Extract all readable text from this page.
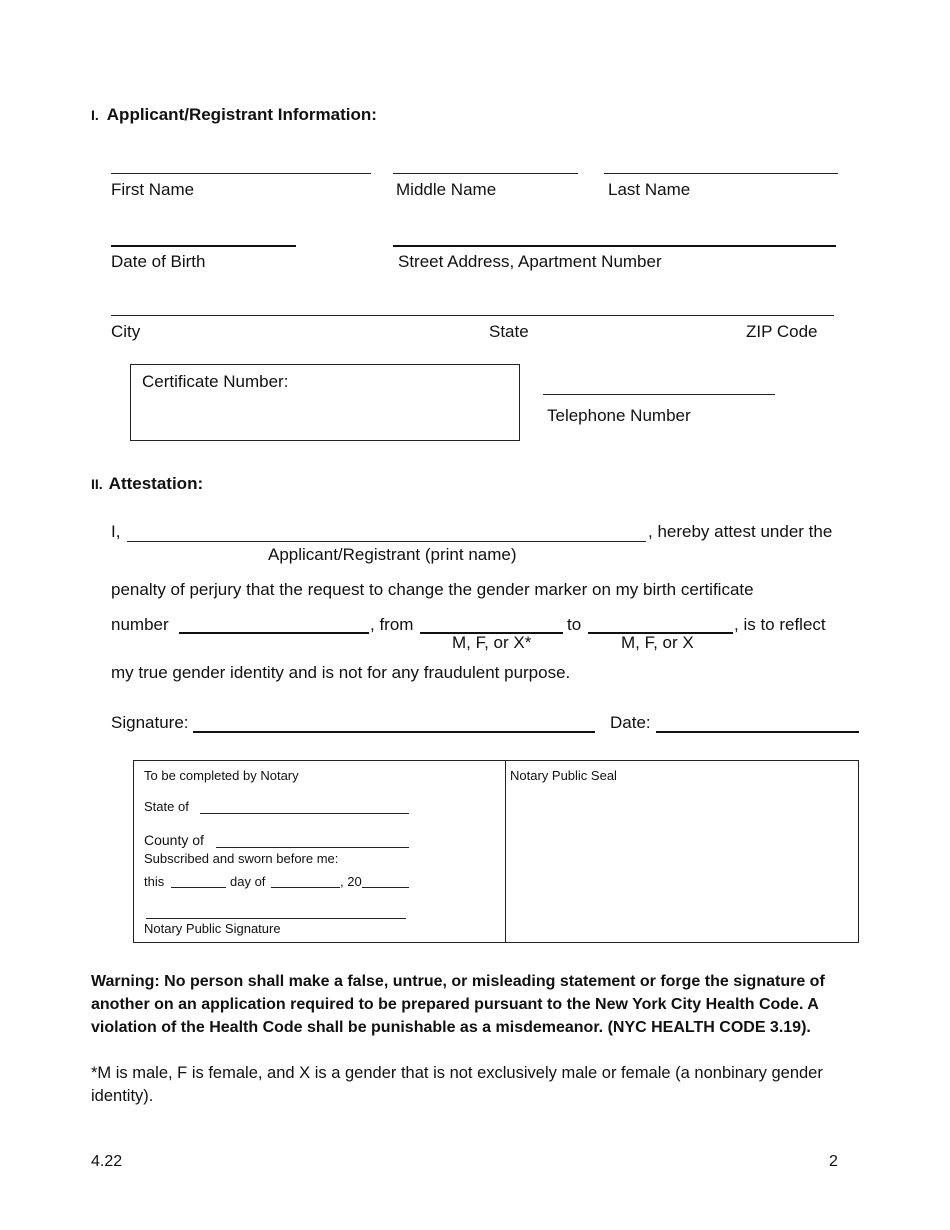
I. Applicant/Registrant Information:
First Name	Middle Name	Last Name
Date of Birth	Street Address, Apartment Number
City	State	ZIP Code
Certificate Number:
Telephone Number
II. Attestation:
I,	, hereby attest under the
Applicant/Registrant (print name)
penalty of perjury that the request to change the gender marker on my birth certificate
number	, from	to	, is to reflect
M, F, or X*	M, F, or X
my true gender identity and is not for any fraudulent purpose.
Signature:	Date:
To be completed by Notary
State of
County of
Subscribed and sworn before me:
this	day of	, 20
Notary Public Signature
Notary Public Seal
Warning: No person shall make a false, untrue, or misleading statement or forge the signature of another on an application required to be prepared pursuant to the New York City Health Code. A violation of the Health Code shall be punishable as a misdemeanor. (NYC HEALTH CODE 3.19).
*M is male, F is female, and X is a gender that is not exclusively male or female (a nonbinary gender identity).
4.22	2
